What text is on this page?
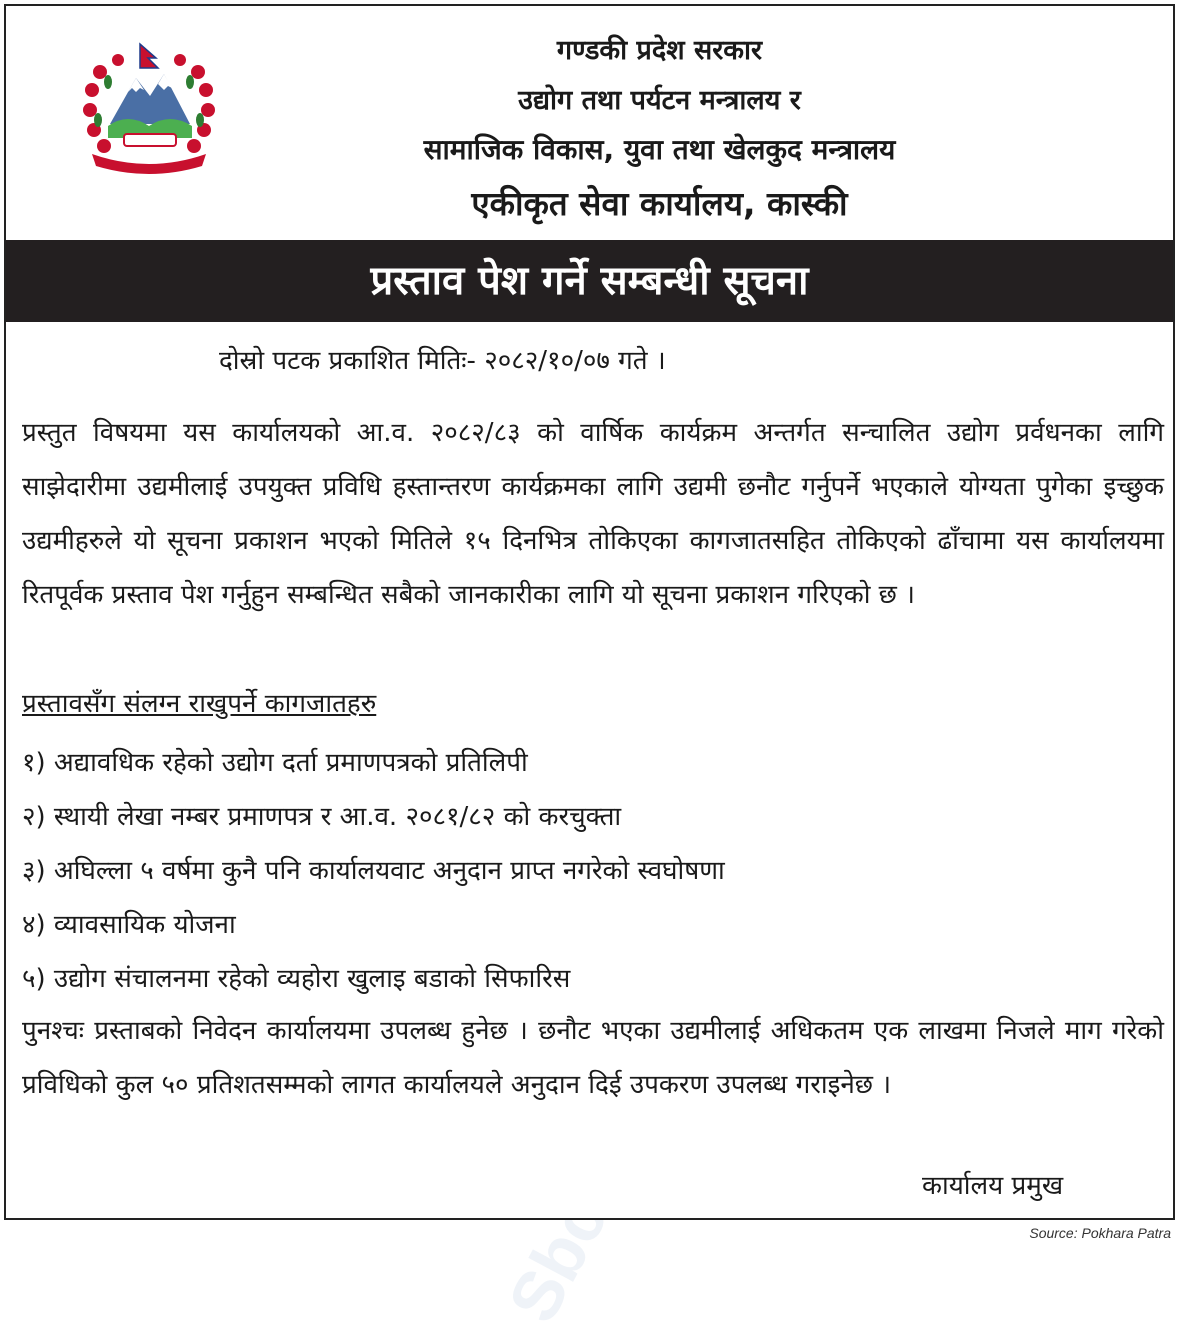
गण्डकी प्रदेश सरकार
उद्योग तथा पर्यटन मन्त्रालय र
सामाजिक विकास, युवा तथा खेलकुद मन्त्रालय
एकीकृत सेवा कार्यालय, कास्की
प्रस्ताव पेश गर्ने सम्बन्धी सूचना
दोस्रो पटक प्रकाशित मितिः- २०८२/१०/०७ गते ।

प्रस्तुत विषयमा यस कार्यालयको आ.व. २०८२/८३ को वार्षिक कार्यक्रम अन्तर्गत सन्चालित उद्योग प्रर्वधनका लागि साझेदारीमा उद्यमीलाई उपयुक्त प्रविधि हस्तान्तरण कार्यक्रमका लागि उद्यमी छनौट गर्नुपर्ने भएकाले योग्यता पुगेका इच्छुक उद्यमीहरुले यो सूचना प्रकाशन भएको मितिले १५ दिनभित्र तोकिएका कागजातसहित तोकिएको ढाँचामा यस कार्यालयमा रितपूर्वक प्रस्ताव पेश गर्नुहुन सम्बन्धित सबैको जानकारीका लागि यो सूचना प्रकाशन गरिएको छ ।

प्रस्तावसँग संलग्न राखुपर्ने कागजातहरु
१) अद्यावधिक रहेको उद्योग दर्ता प्रमाणपत्रको प्रतिलिपी
२) स्थायी लेखा नम्बर प्रमाणपत्र र आ.व. २०८१/८२ को करचुक्ता
३) अघिल्ला ५ वर्षमा कुनै पनि कार्यालयवाट अनुदान प्राप्त नगरेको स्वघोषणा
४) व्यावसायिक योजना
५) उद्योग संचालनमा रहेको व्यहोरा खुलाइ बडाको सिफारिस

पुनश्चः प्रस्ताबको निवेदन कार्यालयमा उपलब्ध हुनेछ । छनौट भएका उद्यमीलाई अधिकतम एक लाखमा निजले माग गरेको प्रविधिको कुल ५० प्रतिशतसम्मको लागत कार्यालयले अनुदान दिई उपकरण उपलब्ध गराइनेछ ।

कार्यालय प्रमुख
Source: Pokhara Patra
